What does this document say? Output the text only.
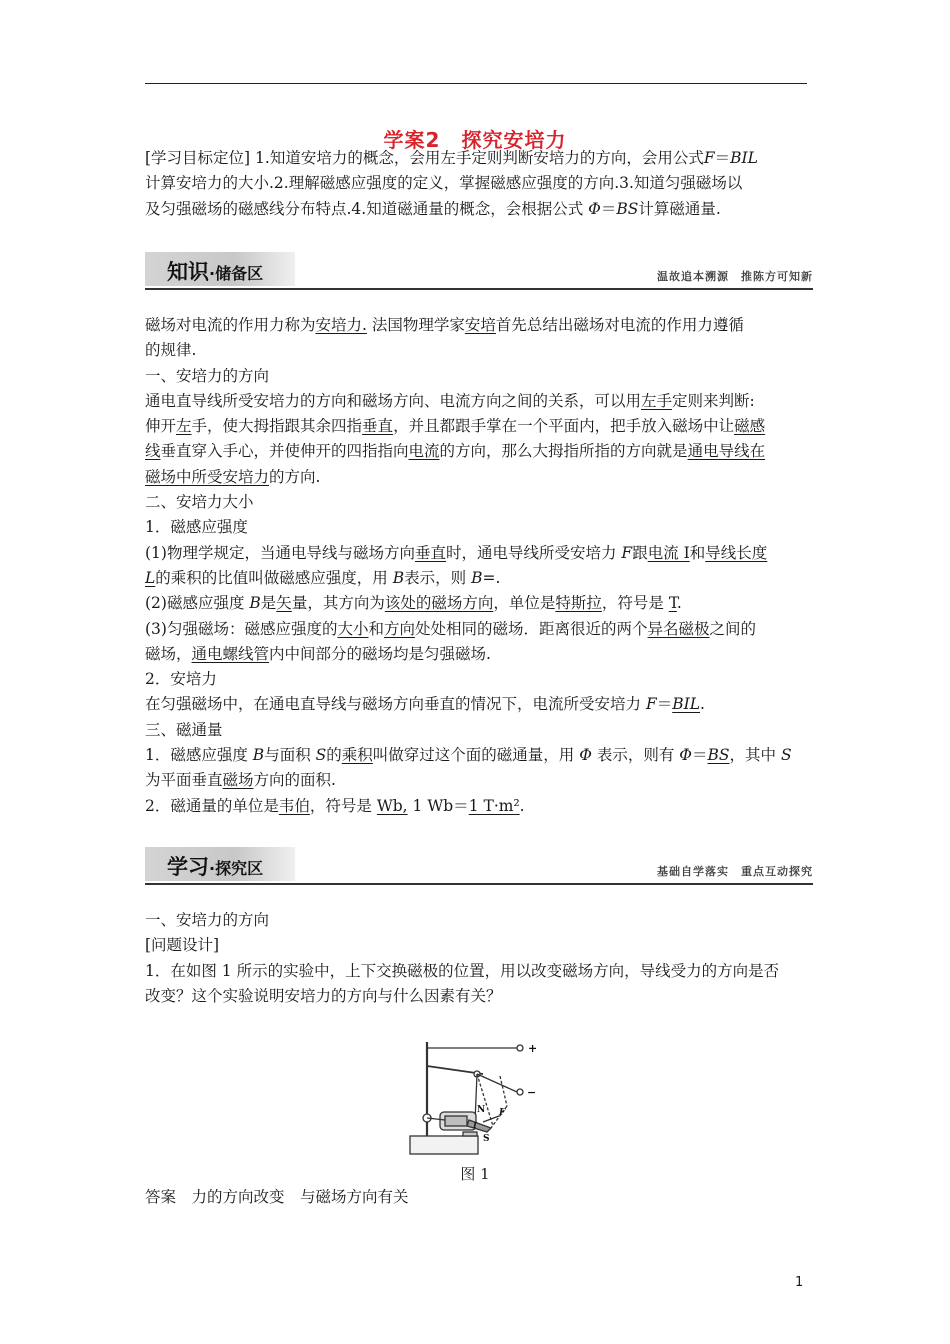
学案2　探究安培力
[学习目标定位] 1.知道安培力的概念，会用左手定则判断安培力的方向，会用公式F＝BIL
计算安培力的大小.2.理解磁感应强度的定义，掌握磁感应强度的方向.3.知道匀强磁场以
及匀强磁场的磁感线分布特点.4.知道磁通量的概念，会根据公式 Φ＝BS计算磁通量.
知识·储备区	温故追本溯源　推陈方可知新
磁场对电流的作用力称为安培力. 法国物理学家安培首先总结出磁场对电流的作用力遵循
的规律.
一、安培力的方向
通电直导线所受安培力的方向和磁场方向、电流方向之间的关系，可以用左手定则来判断:
伸开左手，使大拇指跟其余四指垂直，并且都跟手掌在一个平面内，把手放入磁场中让磁感
线垂直穿入手心，并使伸开的四指指向电流的方向，那么大拇指所指的方向就是通电导线在
磁场中所受安培力的方向.
二、安培力大小
1．磁感应强度
(1)物理学规定，当通电导线与磁场方向垂直时，通电导线所受安培力 F跟电流 I和导线长度
L的乘积的比值叫做磁感应强度，用 B表示，则 B=.
(2)磁感应强度 B是矢量，其方向为该处的磁场方向，单位是特斯拉，符号是 T.
(3)匀强磁场：磁感应强度的大小和方向处处相同的磁场．距离很近的两个异名磁极之间的
磁场，通电螺线管内中间部分的磁场均是匀强磁场.
2．安培力
在匀强磁场中，在通电直导线与磁场方向垂直的情况下，电流所受安培力 F＝BIL.
三、磁通量
1．磁感应强度 B与面积 S的乘积叫做穿过这个面的磁通量，用 Φ 表示，则有 Φ＝BS，其中 S
为平面垂直磁场方向的面积.
2．磁通量的单位是韦伯，符号是 Wb, 1 Wb＝1 T·m².
学习·探究区	基础自学落实　重点互动探究
一、安培力的方向
[问题设计]
1．在如图 1 所示的实验中，上下交换磁极的位置，用以改变磁场方向，导线受力的方向是否
改变？这个实验说明安培力的方向与什么因素有关？
+
−
N
S
F
I
图 1
答案　力的方向改变　与磁场方向有关
1
